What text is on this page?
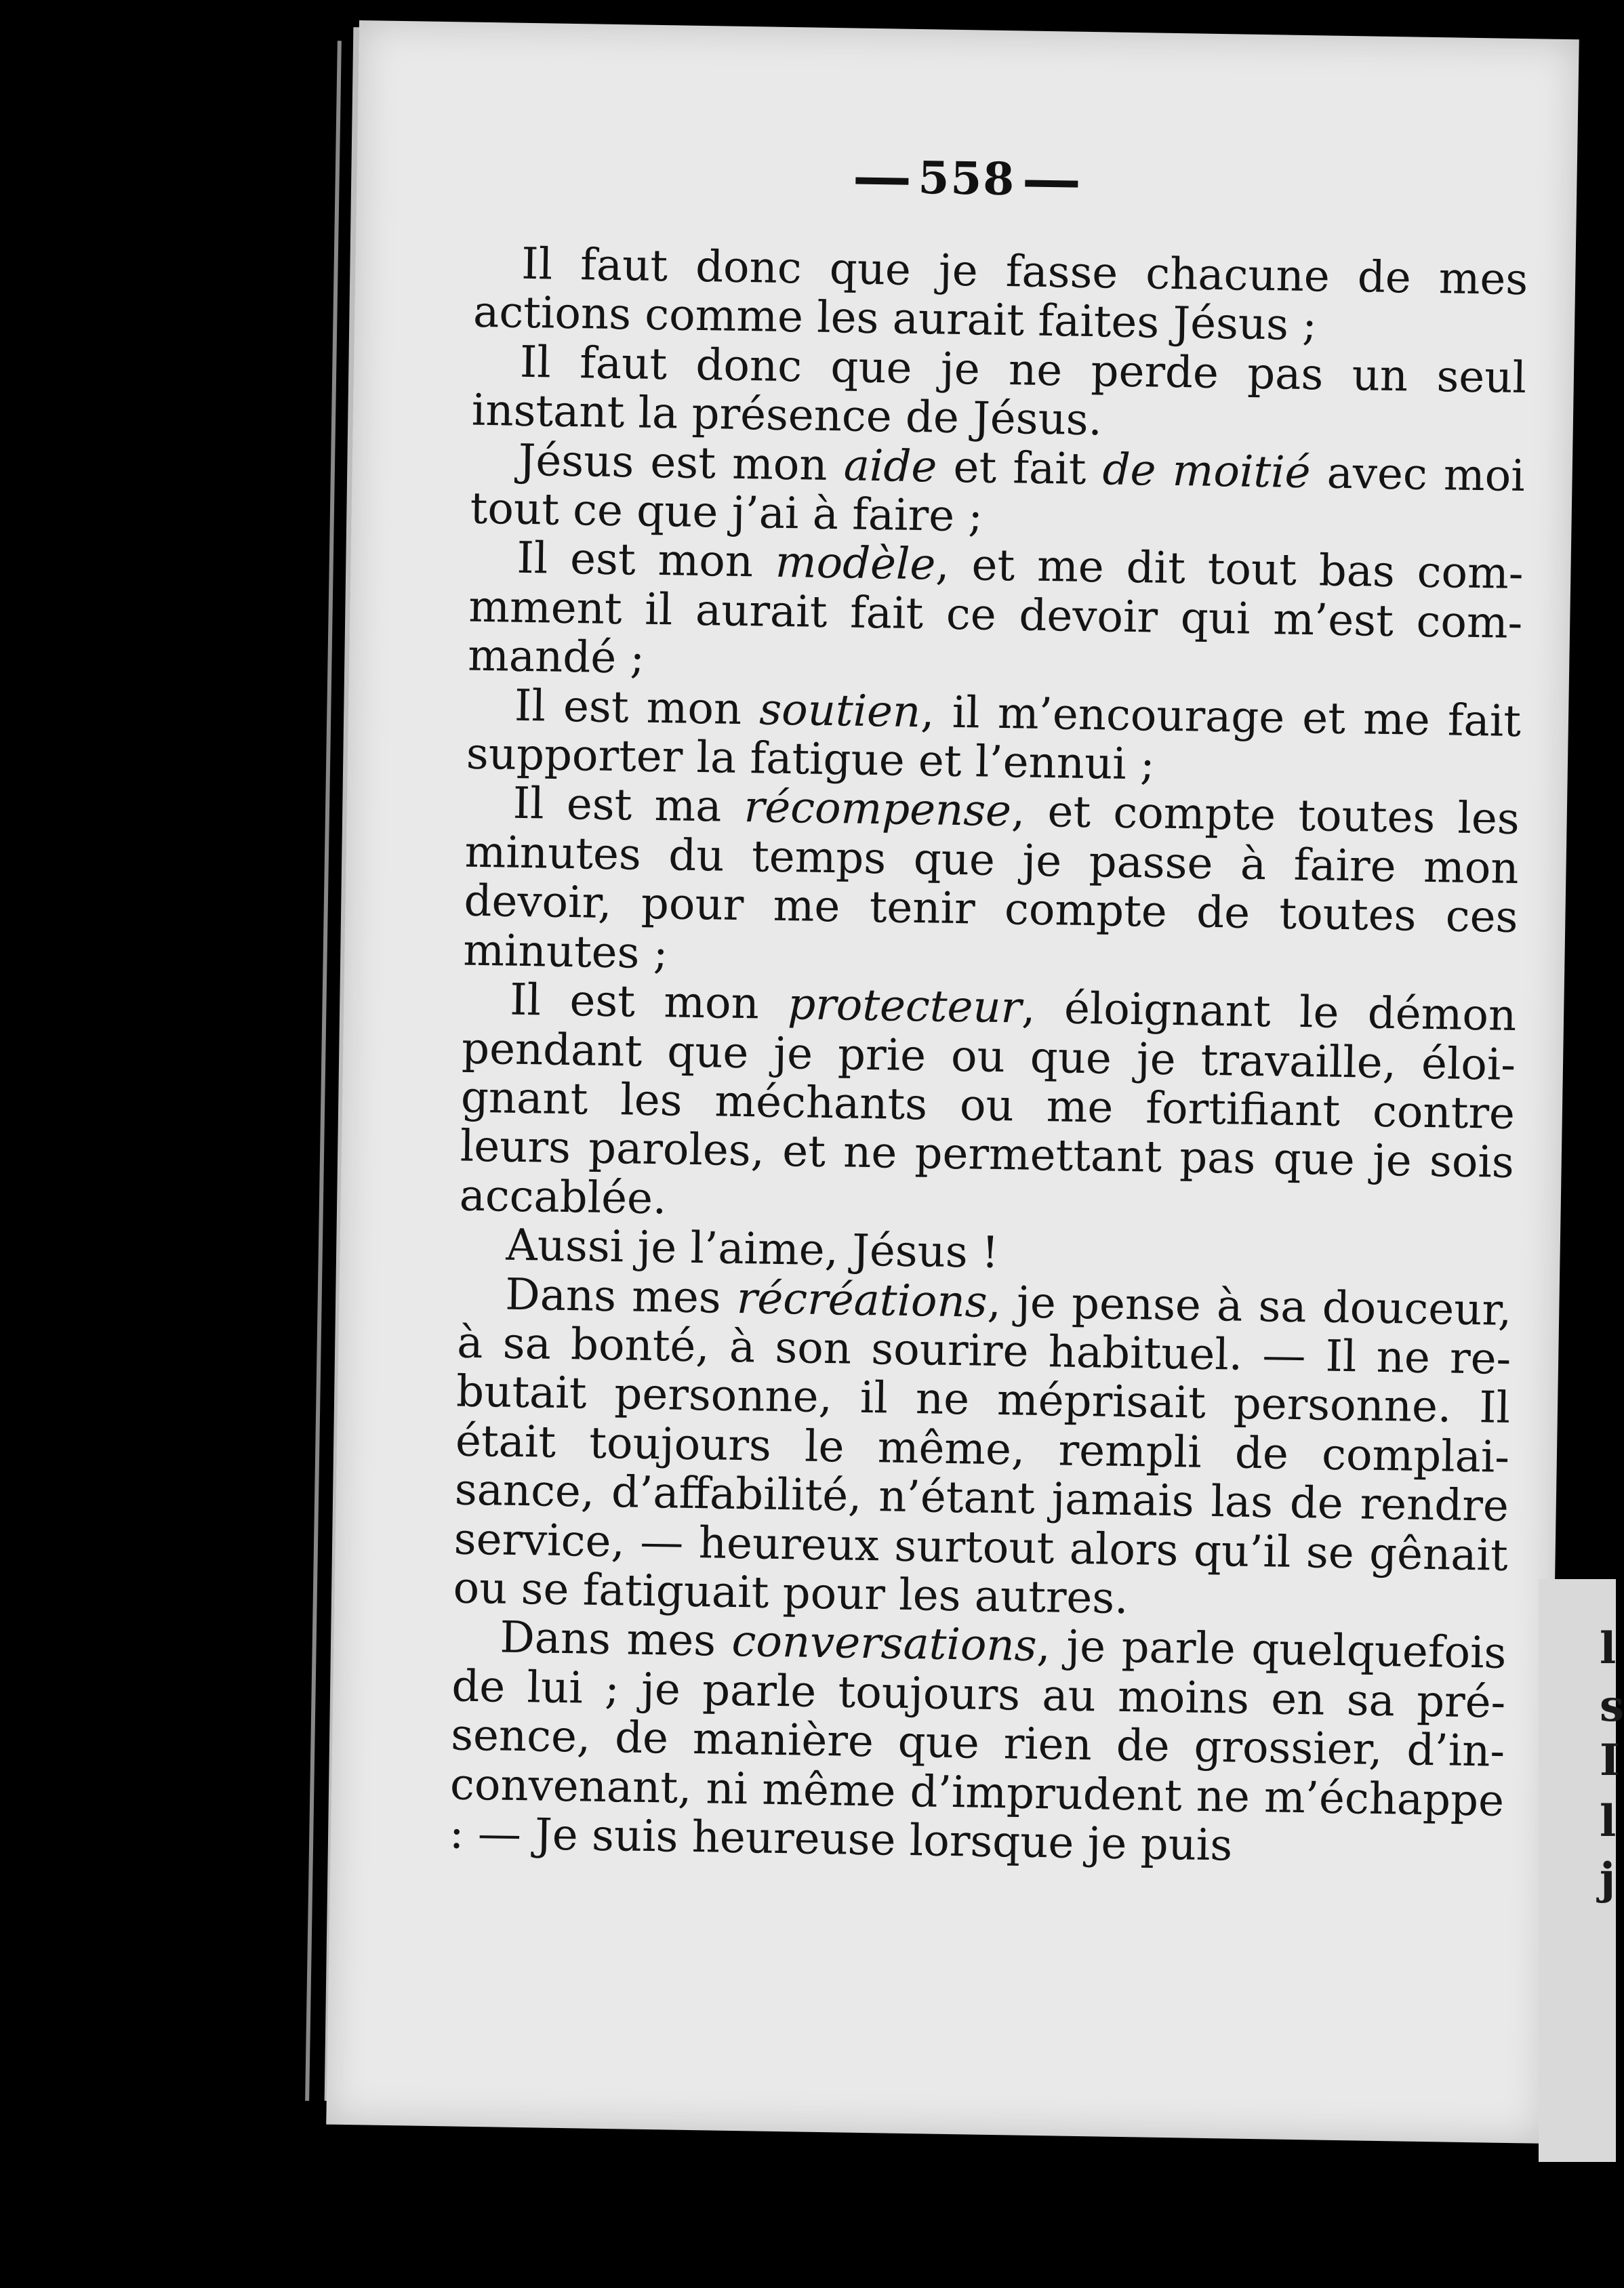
558

Il faut donc que je fasse chacune de mes actions comme les aurait faites Jésus ;

Il faut donc que je ne perde pas un seul instant la présence de Jésus.

Jésus est mon aide et fait de moitié avec moi tout ce que j’ai à faire ;

Il est mon modèle, et me dit tout bas commment il aurait fait ce devoir qui m’est commandé ;

Il est mon soutien, il m’encourage et me fait supporter la fatigue et l’ennui ;

Il est ma récompense, et compte toutes les minutes du temps que je passe à faire mon devoir, pour me tenir compte de toutes ces minutes ;

Il est mon protecteur, éloignant le démon pendant que je prie ou que je travaille, éloignant les méchants ou me fortifiant contre leurs paroles, et ne permettant pas que je sois accablée.

Aussi je l’aime, Jésus !

Dans mes récréations, je pense à sa douceur, à sa bonté, à son sourire habituel. — Il ne rebutait personne, il ne méprisait personne. Il était toujours le même, rempli de complaisance, d’affabilité, n’étant jamais las de rendre service, — heureux surtout alors qu’il se gênait ou se fatiguait pour les autres.

Dans mes conversations, je parle quelquefois de lui ; je parle toujours au moins en sa présence, de manière que rien de grossier, d’inconvenant, ni même d’imprudent ne m’échappe : — Je suis heureuse lorsque je puis

l
s
I
l
j
